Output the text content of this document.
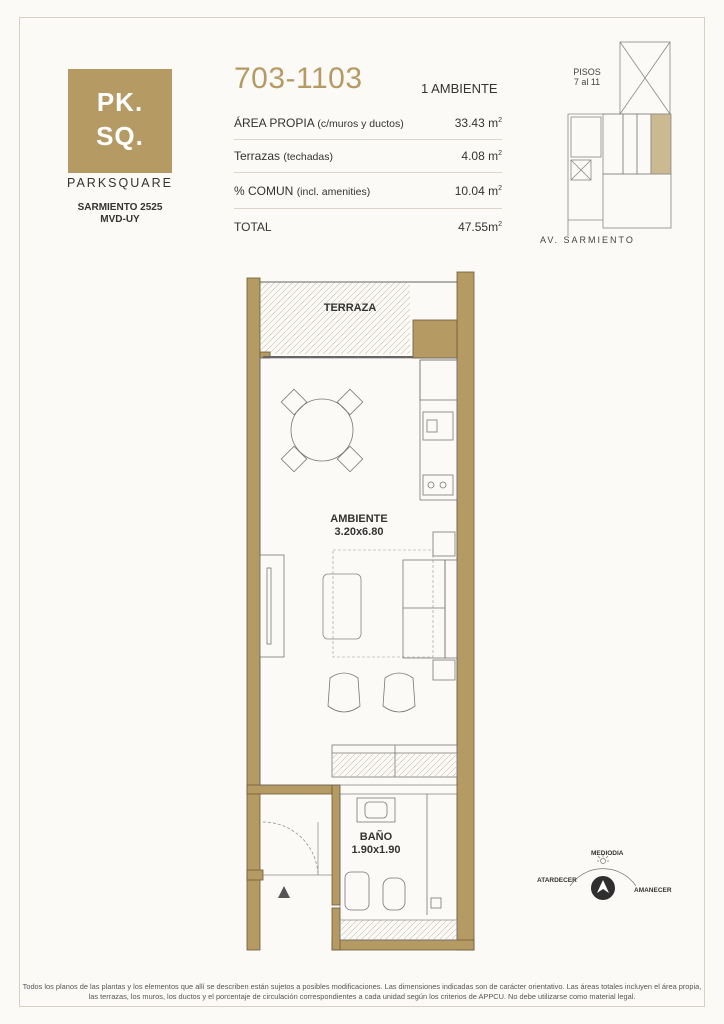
PK.
SQ.
PARKSQUARE
SARMIENTO 2525
MVD-UY
703-1103	1 AMBIENTE
ÁREA PROPIA (c/muros y ductos)	33.43 $m^2$
Terrazas (techadas)	4.08 $m^2$
% COMUN (incl. amenities)	10.04 $m^2$
TOTAL	$47.55m^2$
PISOS
7 al 11
AV. SARMIENTO
TERRAZA
AMBIENTE
3.20x6.80
BAÑO
1.90x1.90	MEDIODIA
ATARDECER
AMANECER
Todos los planos de las plantas y los elementos que allí se describen están sujetos a posibles modificaciones. Las dimensiones indicadas son de carácter orientativo. Las áreas totales incluyen el área propia, las terrazas, los muros, los ductos y el porcentaje de circulación correspondientes a cada unidad según los criterios de APPCU. No debe utilizarse como material legal.
